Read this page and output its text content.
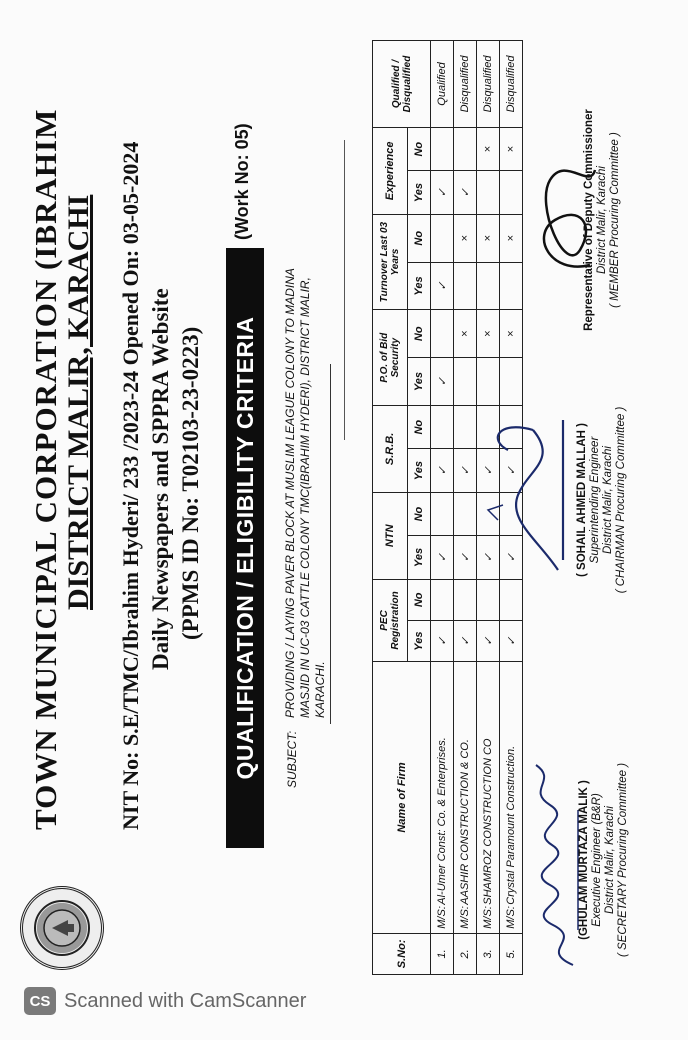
TOWN MUNICIPAL CORPORATION (IBRAHIM DISTRICT MALIR, KARACHI NIT No: S.E/TMC/Ibrahim Hyderi/ 233 /2023-24 Opened On: 03-05-2024 Daily Newspapers and SPPRA Website (PPMS ID No: T02103-23-0223) QUALIFICATION / ELIGIBILITY CRITERIA
(Work No: 05)
SUBJECT:
PROVIDING / LAYING PAVER BLOCK AT MUSLIM LEAGUE COLONY TO MADINA MASJID IN UC-03 CATTLE COLONY TMC(IBRAHIM HYDERI), DISTRICT MALIR, KARACHI.
S.No:	Name of Firm	PEC Registration		NTN		S.R.B.		P.O. of Bid Security		Turnover Last 03 Years		Experience		Qualified / Disqualified
		Yes	No	Yes	No	Yes	No	Yes	No	Yes	No	Yes	No	
1.	M/S:Al-Umer Const: Co. & Enterprises.	✓		✓		✓		✓		✓		✓		Qualified
2.	M/S:AASHIR CONSTRUCTION & CO.	✓		✓		✓			×		×	✓		Disqualified
3.	M/S:SHAMROZ CONSTRUCTION CO	✓		✓		✓			×		×		×	Disqualified
5.	M/S:Crystal Paramount Construction.	✓		✓		✓			×		×		×	Disqualified
(GHULAM MURTAZA MALIK ) Executive Engineer (B&R) District Malir, Karachi ( SECRETARY Procuring Committee )
( SOHAIL AHMED MALLAH ) Superintending Engineer District Malir, Karachi ( CHAIRMAN Procuring Committee )
Representative of Deputy Commissioner District Malir, Karachi ( MEMBER Procuring Committee )
CS Scanned with CamScanner
